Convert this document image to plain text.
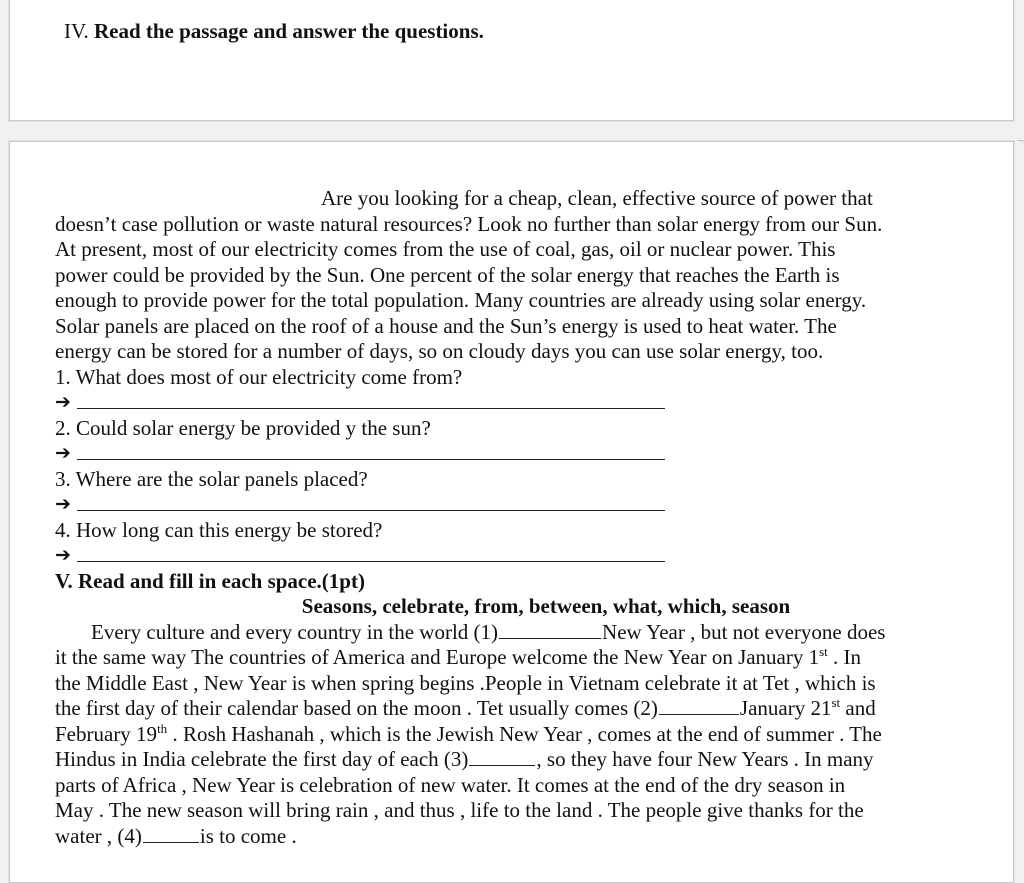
IV. Read the passage and answer the questions.
Are you looking for a cheap, clean, effective source of power that
doesn’t case pollution or waste natural resources? Look no further than solar energy from our Sun.
At present, most of our electricity comes from the use of coal, gas, oil or nuclear power. This
power could be provided by the Sun. One percent of the solar energy that reaches the Earth is
enough to provide power for the total population. Many countries are already using solar energy.
Solar panels are placed on the roof of a house and the Sun’s energy is used to heat water. The
energy can be stored for a number of days, so on cloudy days you can use solar energy, too.
1. What does most of our electricity come from?
➔
2. Could solar energy be provided y the sun?
➔
3. Where are the solar panels placed?
➔
4. How long can this energy be stored?
➔
V. Read and fill in each space.(1pt)
Seasons, celebrate, from, between, what, which, season
Every culture and every country in the world (1)	New Year , but not everyone does
it the same way The countries of America and Europe welcome the New Year on January 1st . In
the Middle East , New Year is when spring begins .People in Vietnam celebrate it at Tet , which is
the first day of their calendar based on the moon . Tet usually comes (2)	January 21st and
February 19th . Rosh Hashanah , which is the Jewish New Year , comes at the end of summer . The
Hindus in India celebrate the first day of each (3)	, so they have four New Years . In many
parts of Africa , New Year is celebration of new water. It comes at the end of the dry season in
May . The new season will bring rain , and thus , life to the land . The people give thanks for the
water , (4)	is to come .
